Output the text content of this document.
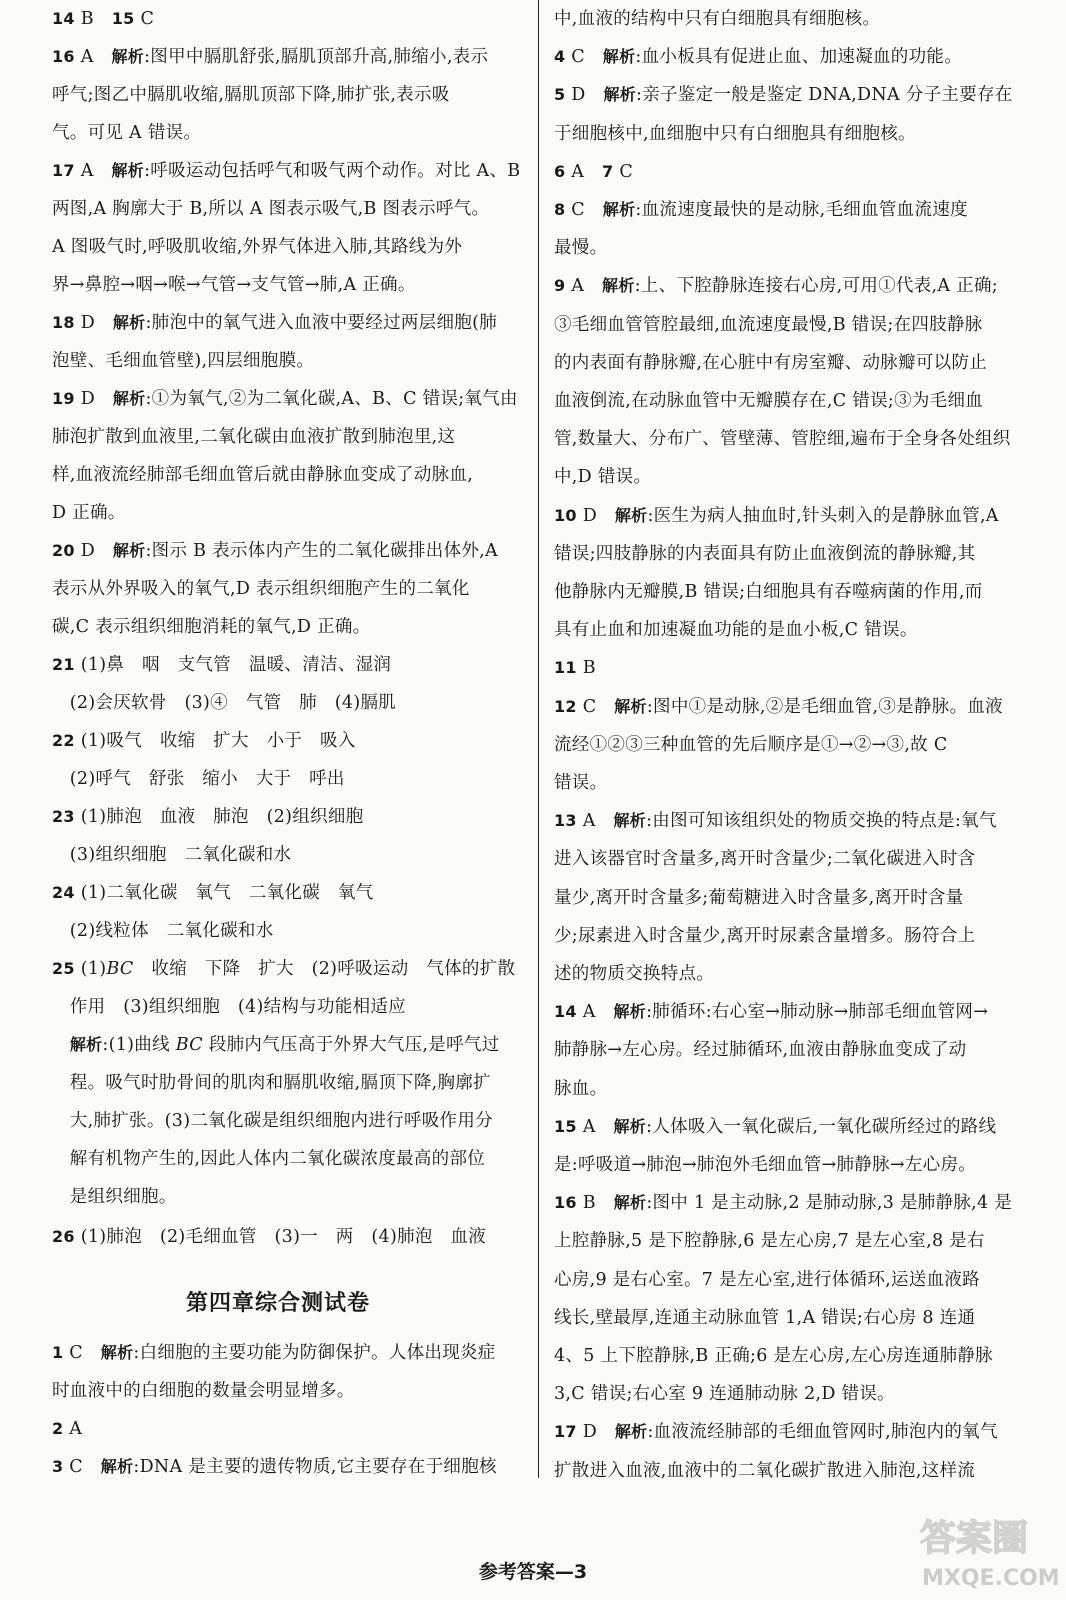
14 B　15 C
16 A　解析:图甲中膈肌舒张,膈肌顶部升高,肺缩小,表示
呼气;图乙中膈肌收缩,膈肌顶部下降,肺扩张,表示吸
气。可见 A 错误。
17 A　解析:呼吸运动包括呼气和吸气两个动作。对比 A、B
两图,A 胸廓大于 B,所以 A 图表示吸气,B 图表示呼气。
A 图吸气时,呼吸肌收缩,外界气体进入肺,其路线为外
界→鼻腔→咽→喉→气管→支气管→肺,A 正确。
18 D　解析:肺泡中的氧气进入血液中要经过两层细胞(肺
泡壁、毛细血管壁),四层细胞膜。
19 D　解析:①为氧气,②为二氧化碳,A、B、C 错误;氧气由
肺泡扩散到血液里,二氧化碳由血液扩散到肺泡里,这
样,血液流经肺部毛细血管后就由静脉血变成了动脉血,
D 正确。
20 D　解析:图示 B 表示体内产生的二氧化碳排出体外,A
表示从外界吸入的氧气,D 表示组织细胞产生的二氧化
碳,C 表示组织细胞消耗的氧气,D 正确。
21 (1)鼻　咽　支气管　温暖、清洁、湿润
　(2)会厌软骨　(3)④　气管　肺　(4)膈肌
22 (1)吸气　收缩　扩大　小于　吸入
　(2)呼气　舒张　缩小　大于　呼出
23 (1)肺泡　血液　肺泡　(2)组织细胞
　(3)组织细胞　二氧化碳和水
24 (1)二氧化碳　氧气　二氧化碳　氧气
　(2)线粒体　二氧化碳和水
25 (1)BC　收缩　下降　扩大　(2)呼吸运动　气体的扩散
　作用　(3)组织细胞　(4)结构与功能相适应
　解析:(1)曲线 BC 段肺内气压高于外界大气压,是呼气过
　程。吸气时肋骨间的肌肉和膈肌收缩,膈顶下降,胸廓扩
　大,肺扩张。(3)二氧化碳是组织细胞内进行呼吸作用分
　解有机物产生的,因此人体内二氧化碳浓度最高的部位
　是组织细胞。
26 (1)肺泡　(2)毛细血管　(3)一　两　(4)肺泡　血液
第四章综合测试卷
1 C　解析:白细胞的主要功能为防御保护。人体出现炎症
时血液中的白细胞的数量会明显增多。
2 A
3 C　解析:DNA 是主要的遗传物质,它主要存在于细胞核
中,血液的结构中只有白细胞具有细胞核。
4 C　解析:血小板具有促进止血、加速凝血的功能。
5 D　解析:亲子鉴定一般是鉴定 DNA,DNA 分子主要存在
于细胞核中,血细胞中只有白细胞具有细胞核。
6 A　7 C
8 C　解析:血流速度最快的是动脉,毛细血管血流速度
最慢。
9 A　解析:上、下腔静脉连接右心房,可用①代表,A 正确;
③毛细血管管腔最细,血流速度最慢,B 错误;在四肢静脉
的内表面有静脉瓣,在心脏中有房室瓣、动脉瓣可以防止
血液倒流,在动脉血管中无瓣膜存在,C 错误;③为毛细血
管,数量大、分布广、管壁薄、管腔细,遍布于全身各处组织
中,D 错误。
10 D　解析:医生为病人抽血时,针头刺入的是静脉血管,A
错误;四肢静脉的内表面具有防止血液倒流的静脉瓣,其
他静脉内无瓣膜,B 错误;白细胞具有吞噬病菌的作用,而
具有止血和加速凝血功能的是血小板,C 错误。
11 B
12 C　解析:图中①是动脉,②是毛细血管,③是静脉。血液
流经①②③三种血管的先后顺序是①→②→③,故 C
错误。
13 A　解析:由图可知该组织处的物质交换的特点是:氧气
进入该器官时含量多,离开时含量少;二氧化碳进入时含
量少,离开时含量多;葡萄糖进入时含量多,离开时含量
少;尿素进入时含量少,离开时尿素含量增多。肠符合上
述的物质交换特点。
14 A　解析:肺循环:右心室→肺动脉→肺部毛细血管网→
肺静脉→左心房。经过肺循环,血液由静脉血变成了动
脉血。
15 A　解析:人体吸入一氧化碳后,一氧化碳所经过的路线
是:呼吸道→肺泡→肺泡外毛细血管→肺静脉→左心房。
16 B　解析:图中 1 是主动脉,2 是肺动脉,3 是肺静脉,4 是
上腔静脉,5 是下腔静脉,6 是左心房,7 是左心室,8 是右
心房,9 是右心室。7 是左心室,进行体循环,运送血液路
线长,壁最厚,连通主动脉血管 1,A 错误;右心房 8 连通
4、5 上下腔静脉,B 正确;6 是左心房,左心房连通肺静脉
3,C 错误;右心室 9 连通肺动脉 2,D 错误。
17 D　解析:血液流经肺部的毛细血管网时,肺泡内的氧气
扩散进入血液,血液中的二氧化碳扩散进入肺泡,这样流
参考答案—3
答案圈
MXQE.COM
